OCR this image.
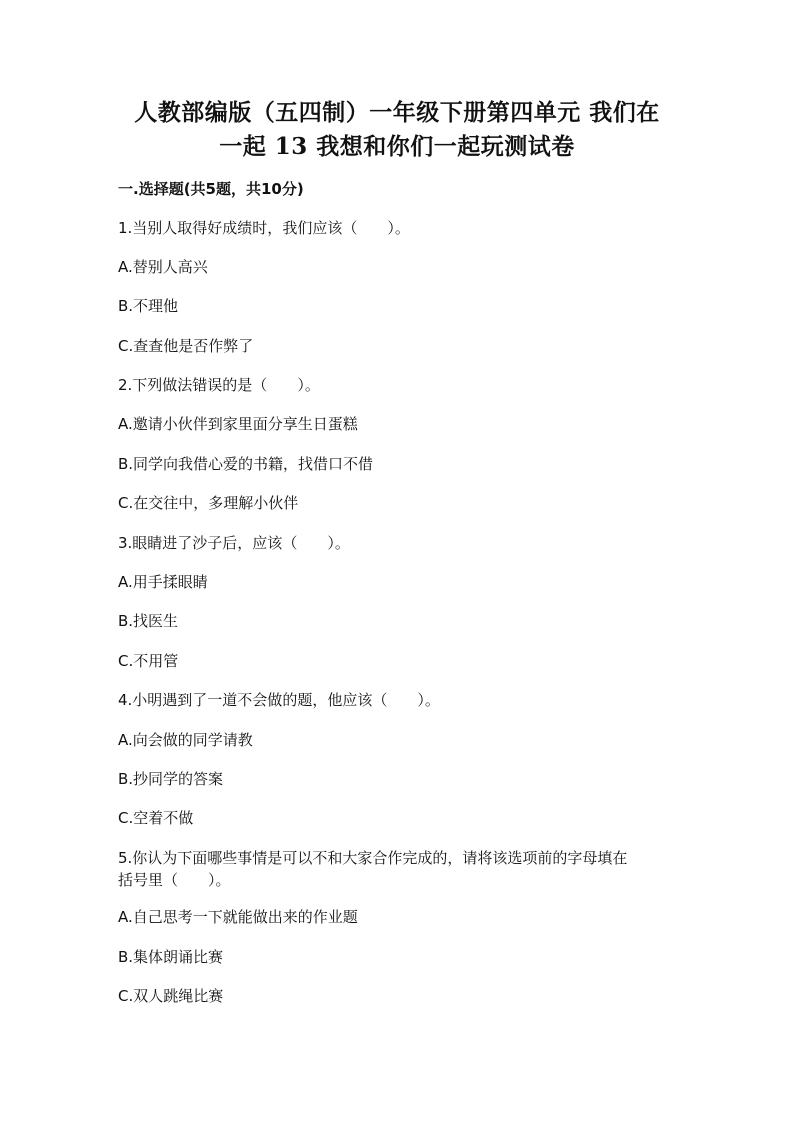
人教部编版（五四制）一年级下册第四单元 我们在
一起 13 我想和你们一起玩测试卷
一.选择题(共5题，共10分)
1.当别人取得好成绩时，我们应该（　　）。
A.替别人高兴
B.不理他
C.查查他是否作弊了
2.下列做法错误的是（　　）。
A.邀请小伙伴到家里面分享生日蛋糕
B.同学向我借心爱的书籍，找借口不借
C.在交往中，多理解小伙伴
3.眼睛进了沙子后，应该（　　）。
A.用手揉眼睛
B.找医生
C.不用管
4.小明遇到了一道不会做的题，他应该（　　）。
A.向会做的同学请教
B.抄同学的答案
C.空着不做
5.你认为下面哪些事情是可以不和大家合作完成的，请将该选项前的字母填在
括号里（　　）。
A.自己思考一下就能做出来的作业题
B.集体朗诵比赛
C.双人跳绳比赛
